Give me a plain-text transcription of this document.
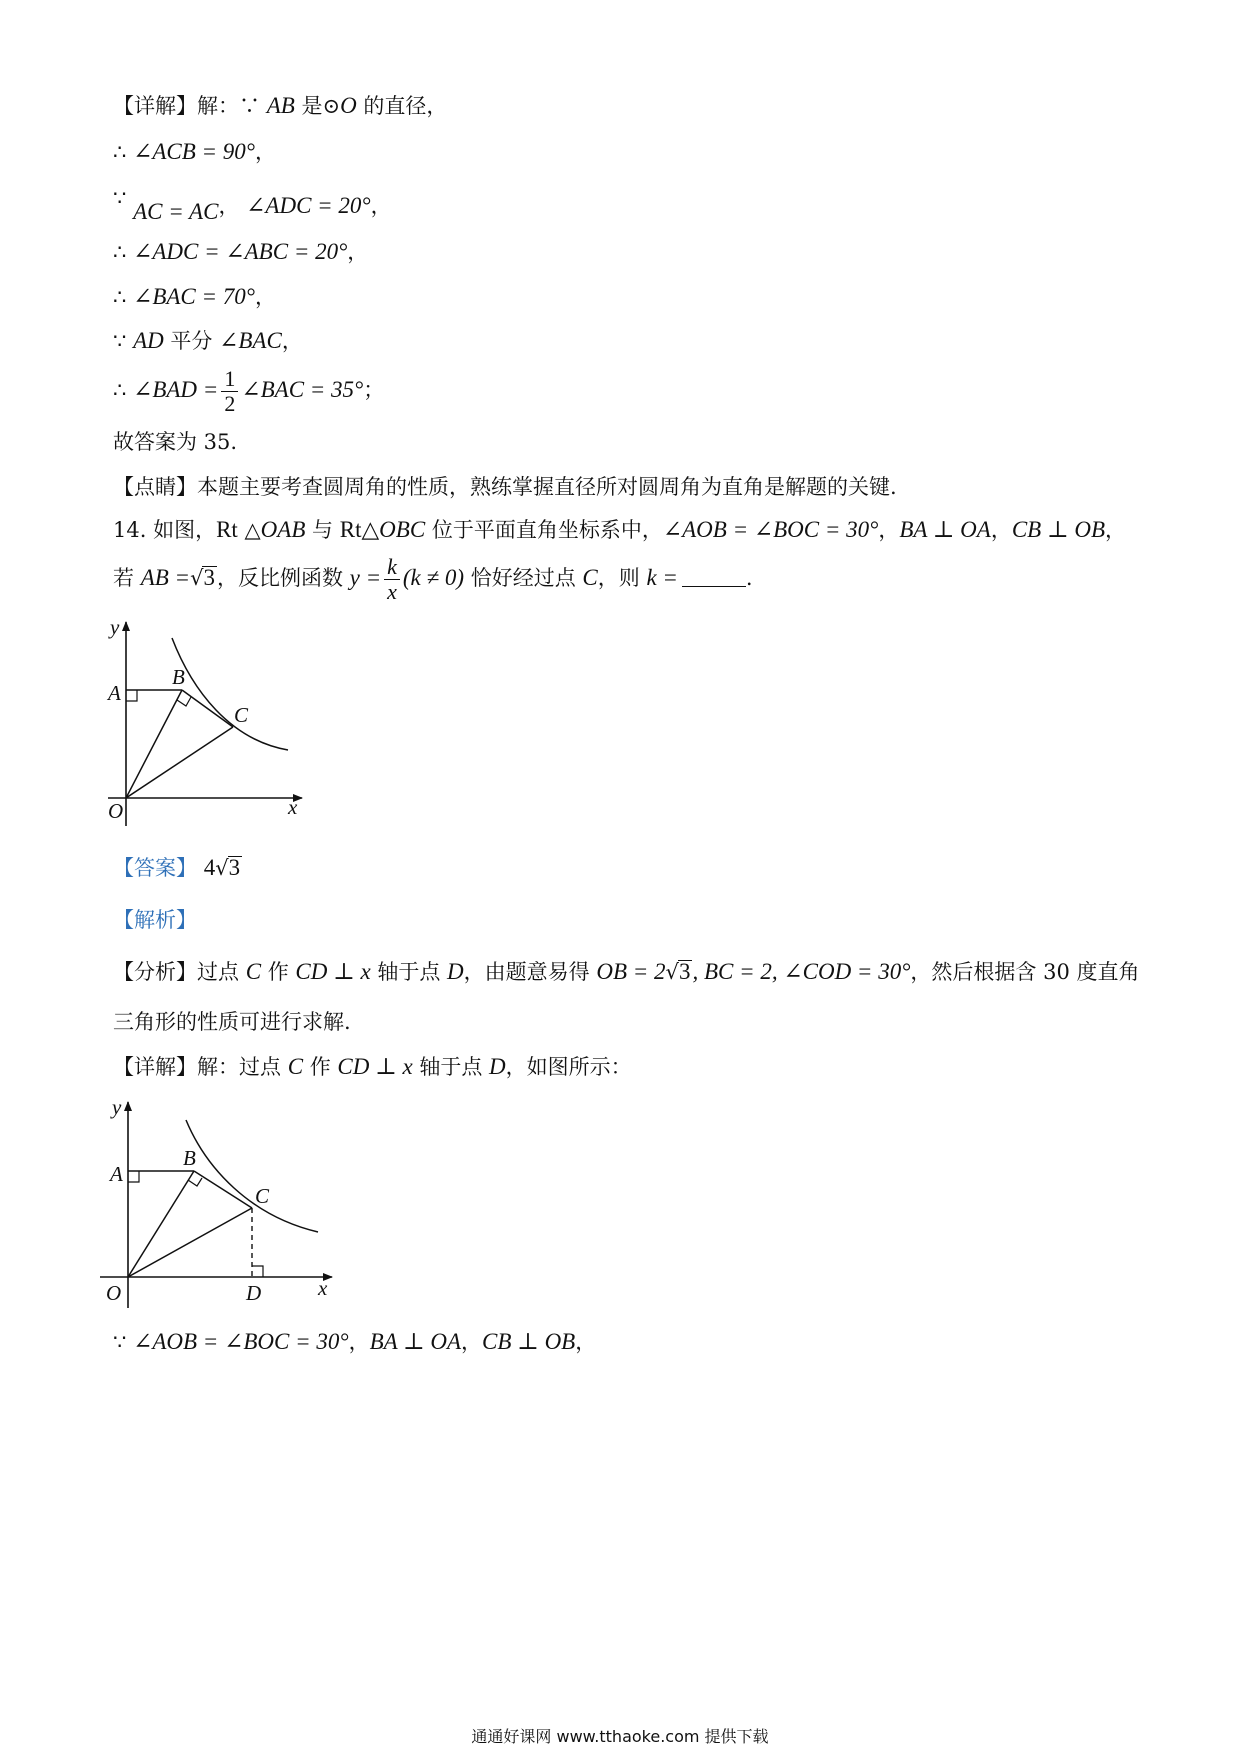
【详解】解：∵ AB 是⊙O 的直径，
∴ ∠ACB = 90°，
∵ AC = AC， ∠ADC = 20°，
∴ ∠ADC = ∠ABC = 20°，
∴ ∠BAC = 70°，
∵ AD 平分 ∠BAC，
∴ ∠BAD = $\frac{1}{2}$ ∠BAC = 35°；
故答案为 35.
【点睛】本题主要考查圆周角的性质，熟练掌握直径所对圆周角为直角是解题的关键.
14. 如图，Rt △OAB 与 Rt△OBC 位于平面直角坐标系中，∠AOB = ∠BOC = 30°，BA ⊥ OA，CB ⊥ OB，
若 AB =√3，反比例函数 $y = \frac{k}{x} (k \ne 0)$ 恰好经过点 C，则 k =	.
y
x
O
A
B
C
【答案】 4√3
【解析】
【分析】过点 C 作 CD ⊥ x 轴于点 D，由题意易得 OB = 2√3, BC = 2, ∠COD = 30°，然后根据含 30 度直角
三角形的性质可进行求解.
【详解】解：过点 C 作 CD ⊥ x 轴于点 D，如图所示：
y
x
O
A
B
C
D
∵ ∠AOB = ∠BOC = 30°，BA ⊥ OA，CB ⊥ OB，
通通好课网 www.tthaoke.com 提供下载
